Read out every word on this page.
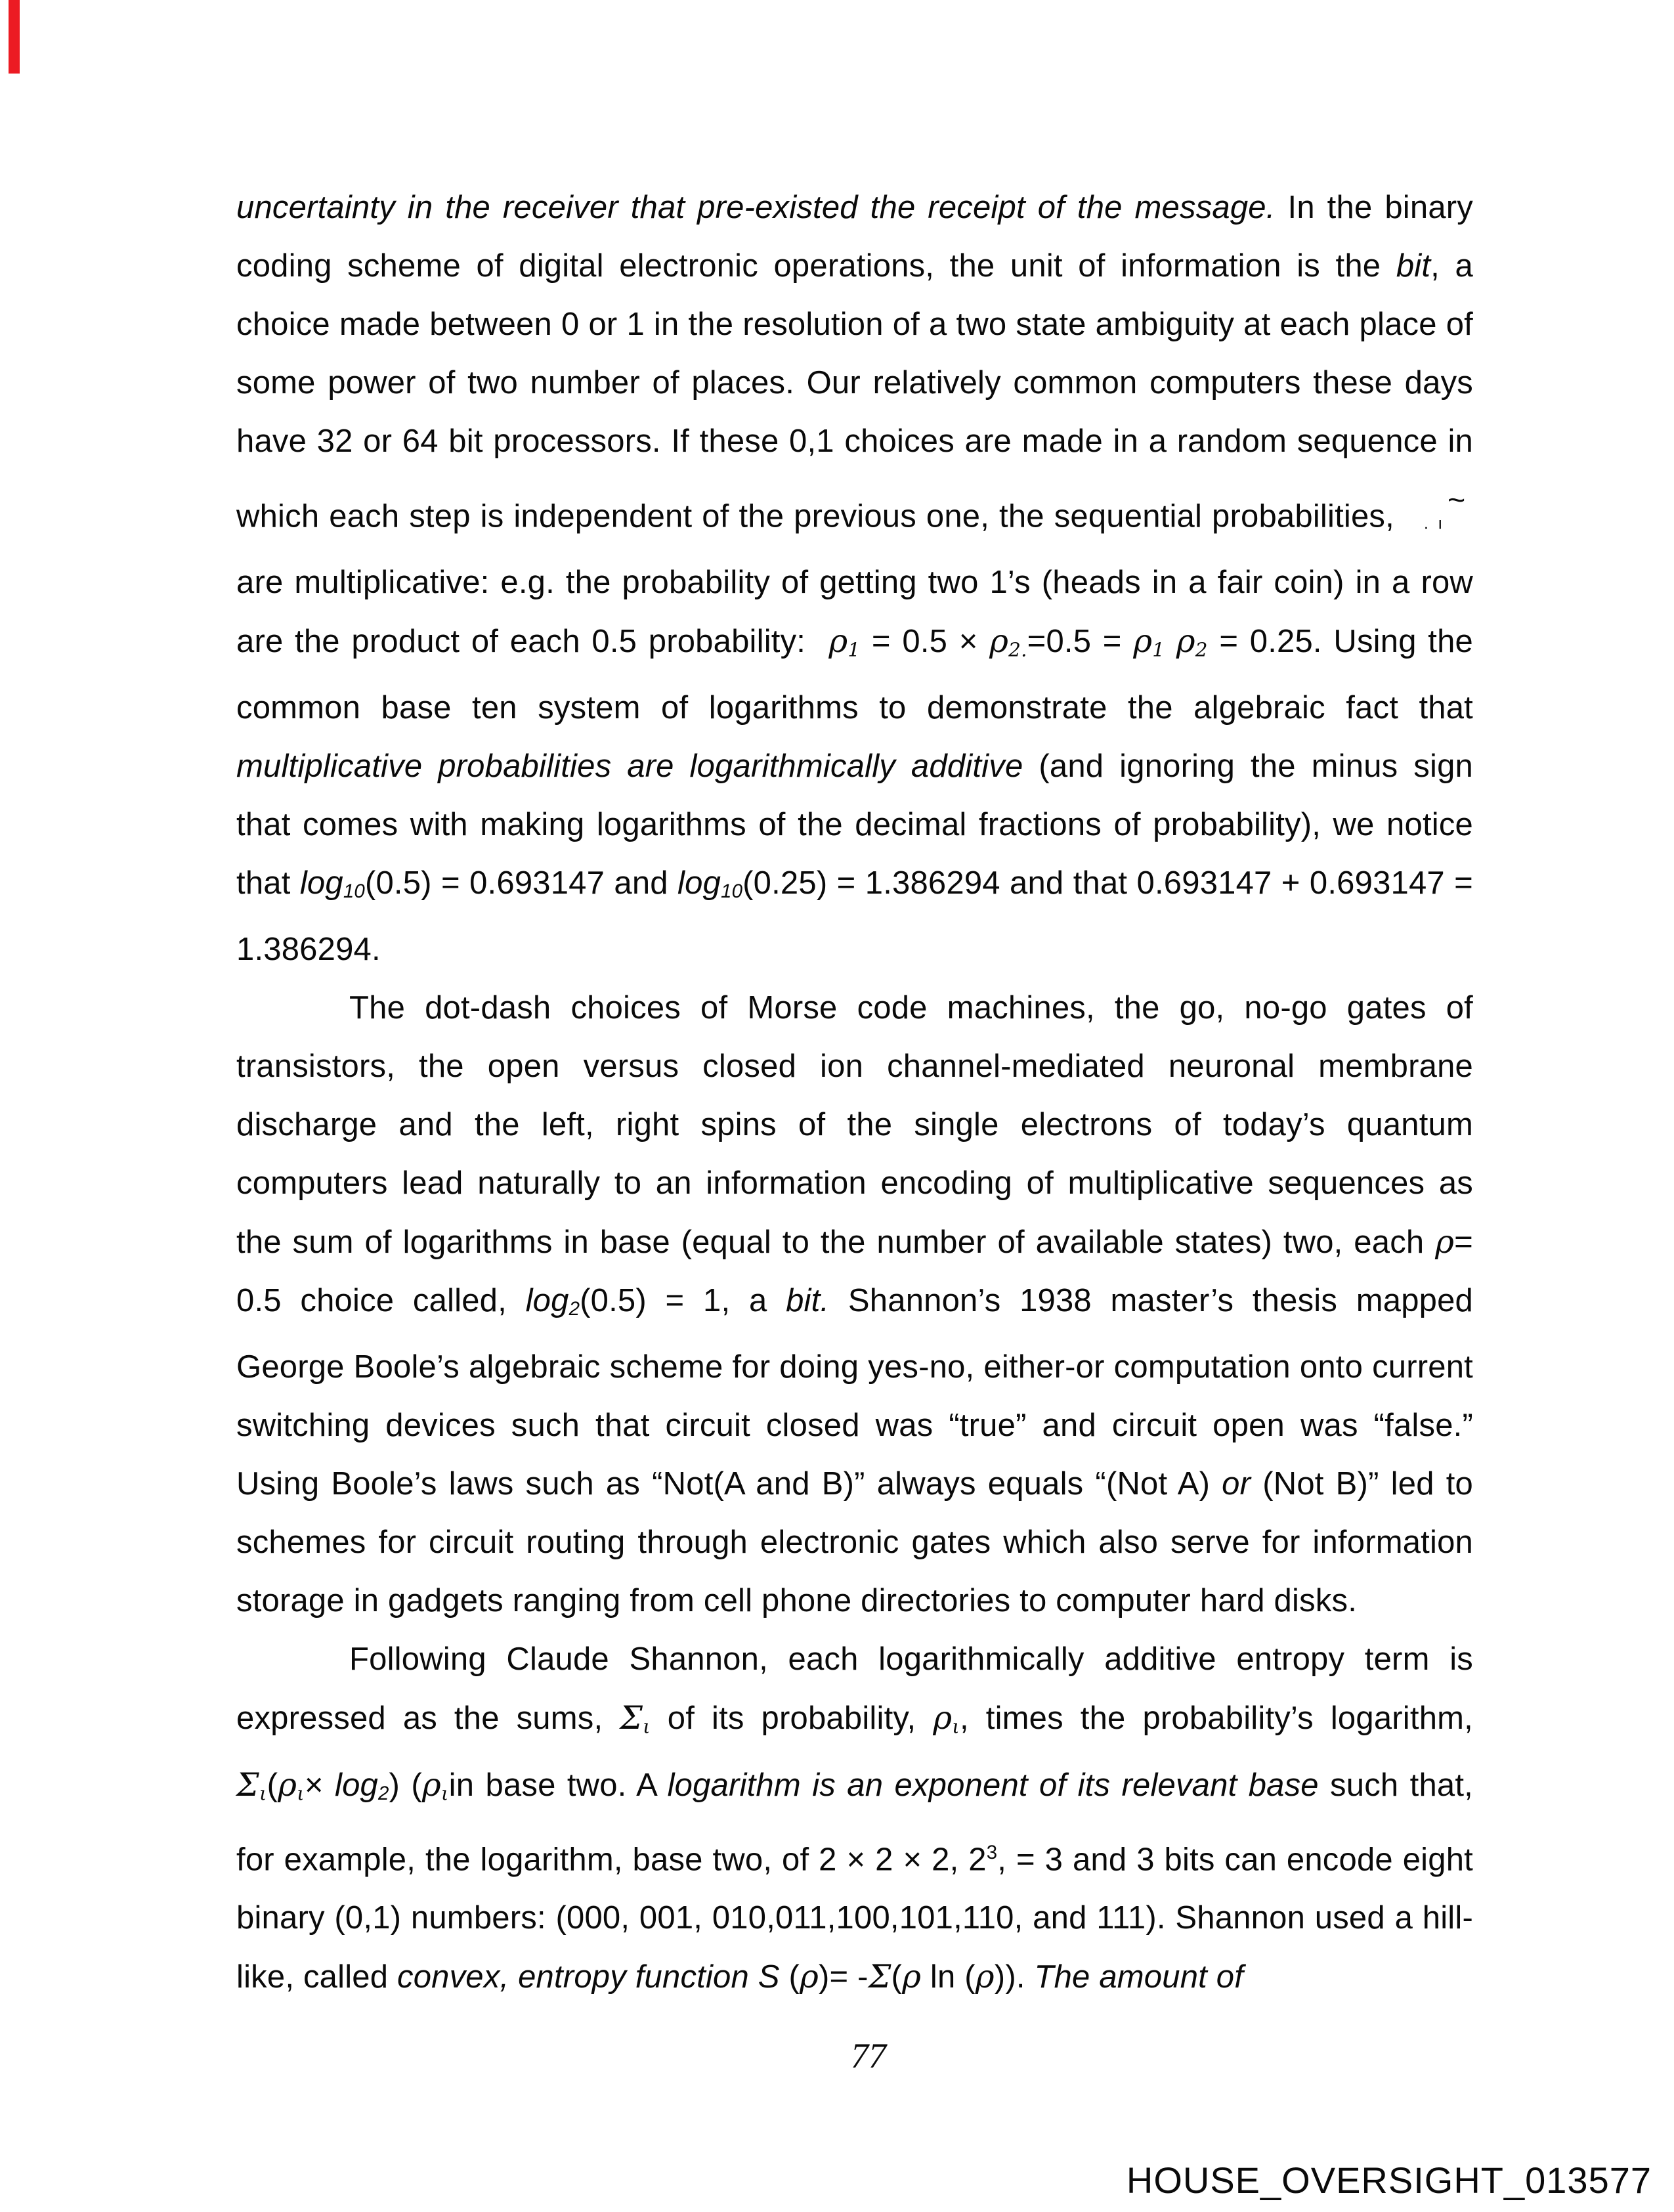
uncertainty in the receiver that pre-existed the receipt of the message. In the binary coding scheme of digital electronic operations, the unit of information is the bit, a choice made between 0 or 1 in the resolution of a two state ambiguity at each place of some power of two number of places. Our relatively common computers these days have 32 or 64 bit processors. If these 0,1 choices are made in a random sequence in which each step is independent of the previous one, the sequential probabilities,   . ı~ are multiplicative: e.g. the probability of getting two 1’s (heads in a fair coin) in a row are the product of each 0.5 probability:  ρ1 = 0.5 × ρ2.=0.5 = ρ1 ρ2 = 0.25. Using the common base ten system of logarithms to demonstrate the algebraic fact that multiplicative probabilities are logarithmically additive (and ignoring the minus sign that comes with making logarithms of the decimal fractions of probability), we notice that log10(0.5) = 0.693147 and log10(0.25) = 1.386294 and that 0.693147 + 0.693147 = 1.386294.

The dot-dash choices of Morse code machines, the go, no-go gates of transistors, the open versus closed ion channel-mediated neuronal membrane discharge and the left, right spins of the single electrons of today’s quantum computers lead naturally to an information encoding of multiplicative sequences as the sum of logarithms in base (equal to the number of available states) two, each ρ= 0.5 choice called, log2(0.5) = 1, a bit. Shannon’s 1938 master’s thesis mapped George Boole’s algebraic scheme for doing yes-no, either-or computation onto current switching devices such that circuit closed was “true” and circuit open was “false.” Using Boole’s laws such as “Not(A and B)” always equals “(Not A) or (Not B)” led to schemes for circuit routing through electronic gates which also serve for information storage in gadgets ranging from cell phone directories to computer hard disks.

Following Claude Shannon, each logarithmically additive entropy term is expressed as the sums, Σι of its probability, ρι, times the probability’s logarithm, Σι(ρι× log2) (ριin base two. A logarithm is an exponent of its relevant base such that, for example, the logarithm, base two, of 2 × 2 × 2, $2^3$, = 3 and 3 bits can encode eight binary (0,1) numbers: (000, 001, 010,011,100,101,110, and 111). Shannon used a hill-like, called convex, entropy function S (ρ)= -Σ(ρ ln (ρ)). The amount of

77
HOUSE_OVERSIGHT_013577
